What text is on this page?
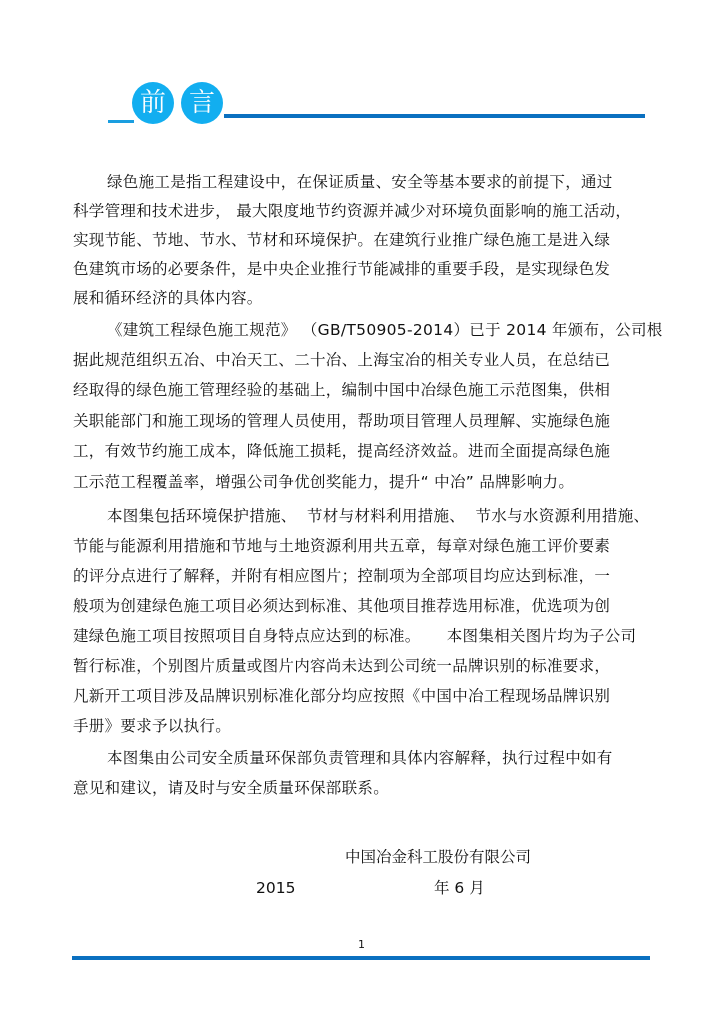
前 言
绿色施工是指工程建设中，在保证质量、安全等基本要求的前提下，通过
科学管理和技术进步， 最大限度地节约资源并减少对环境负面影响的施工活动，
实现节能、节地、节水、节材和环境保护。在建筑行业推广绿色施工是进入绿
色建筑市场的必要条件，是中央企业推行节能减排的重要手段，是实现绿色发
展和循环经济的具体内容。
《建筑工程绿色施工规范》 （GB/T50905-2014）已于 2014 年颁布，公司根
据此规范组织五冶、中冶天工、二十冶、上海宝冶的相关专业人员，在总结已
经取得的绿色施工管理经验的基础上，编制中国中冶绿色施工示范图集，供相
关职能部门和施工现场的管理人员使用，帮助项目管理人员理解、实施绿色施
工，有效节约施工成本，降低施工损耗，提高经济效益。进而全面提高绿色施
工示范工程覆盖率，增强公司争优创奖能力，提升“ 中冶” 品牌影响力。
本图集包括环境保护措施、  节材与材料利用措施、  节水与水资源利用措施、
节能与能源利用措施和节地与土地资源利用共五章，每章对绿色施工评价要素
的评分点进行了解释，并附有相应图片；控制项为全部项目均应达到标准，一
般项为创建绿色施工项目必须达到标准、其他项目推荐选用标准，优选项为创
建绿色施工项目按照项目自身特点应达到的标准。     本图集相关图片均为子公司
暂行标准，个别图片质量或图片内容尚未达到公司统一品牌识别的标准要求，
凡新开工项目涉及品牌识别标准化部分均应按照《中国中冶工程现场品牌识别
手册》要求予以执行。
本图集由公司安全质量环保部负责管理和具体内容解释，执行过程中如有
意见和建议，请及时与安全质量环保部联系。
中国冶金科工股份有限公司
2015	年 6 月
1
